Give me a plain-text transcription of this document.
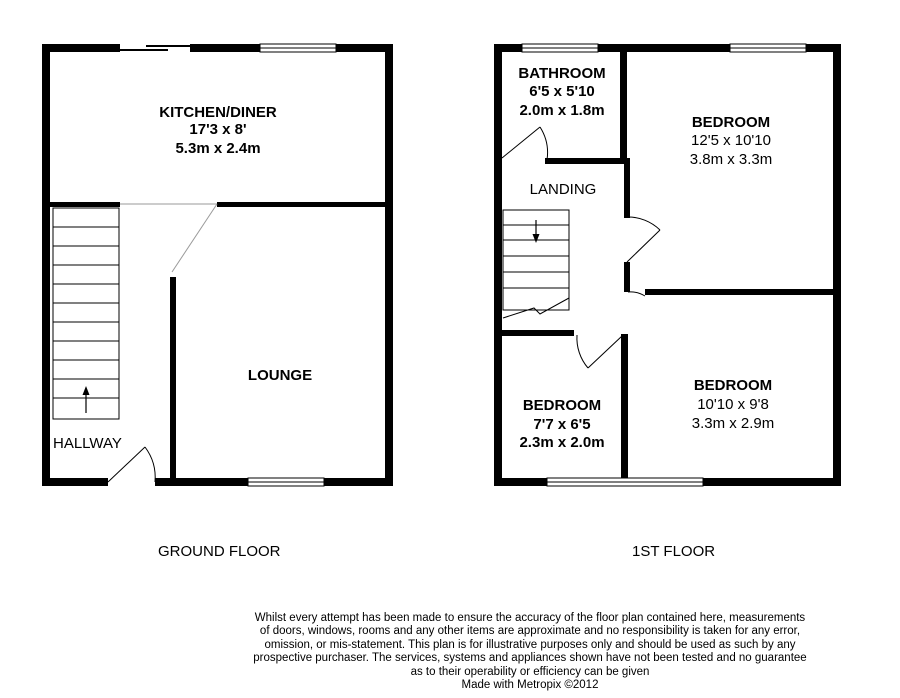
KITCHEN/DINER
17'3 x 8'
5.3m x 2.4m
LOUNGE
HALLWAY
BATHROOM
6'5 x 5'10
2.0m x 1.8m
BEDROOM
12'5 x 10'10
3.8m x 3.3m
LANDING
BEDROOM
7'7 x 6'5
2.3m x 2.0m
BEDROOM
10'10 x 9'8
3.3m x 2.9m
GROUND FLOOR	1ST FLOOR
Whilst every attempt has been made to ensure the accuracy of the floor plan contained here, measurements
of doors, windows, rooms and any other items are approximate and no responsibility is taken for any error,
omission, or mis-statement. This plan is for illustrative purposes only and should be used as such by any
prospective purchaser. The services, systems and appliances shown have not been tested and no guarantee
as to their operability or efficiency can be given
Made with Metropix ©2012
